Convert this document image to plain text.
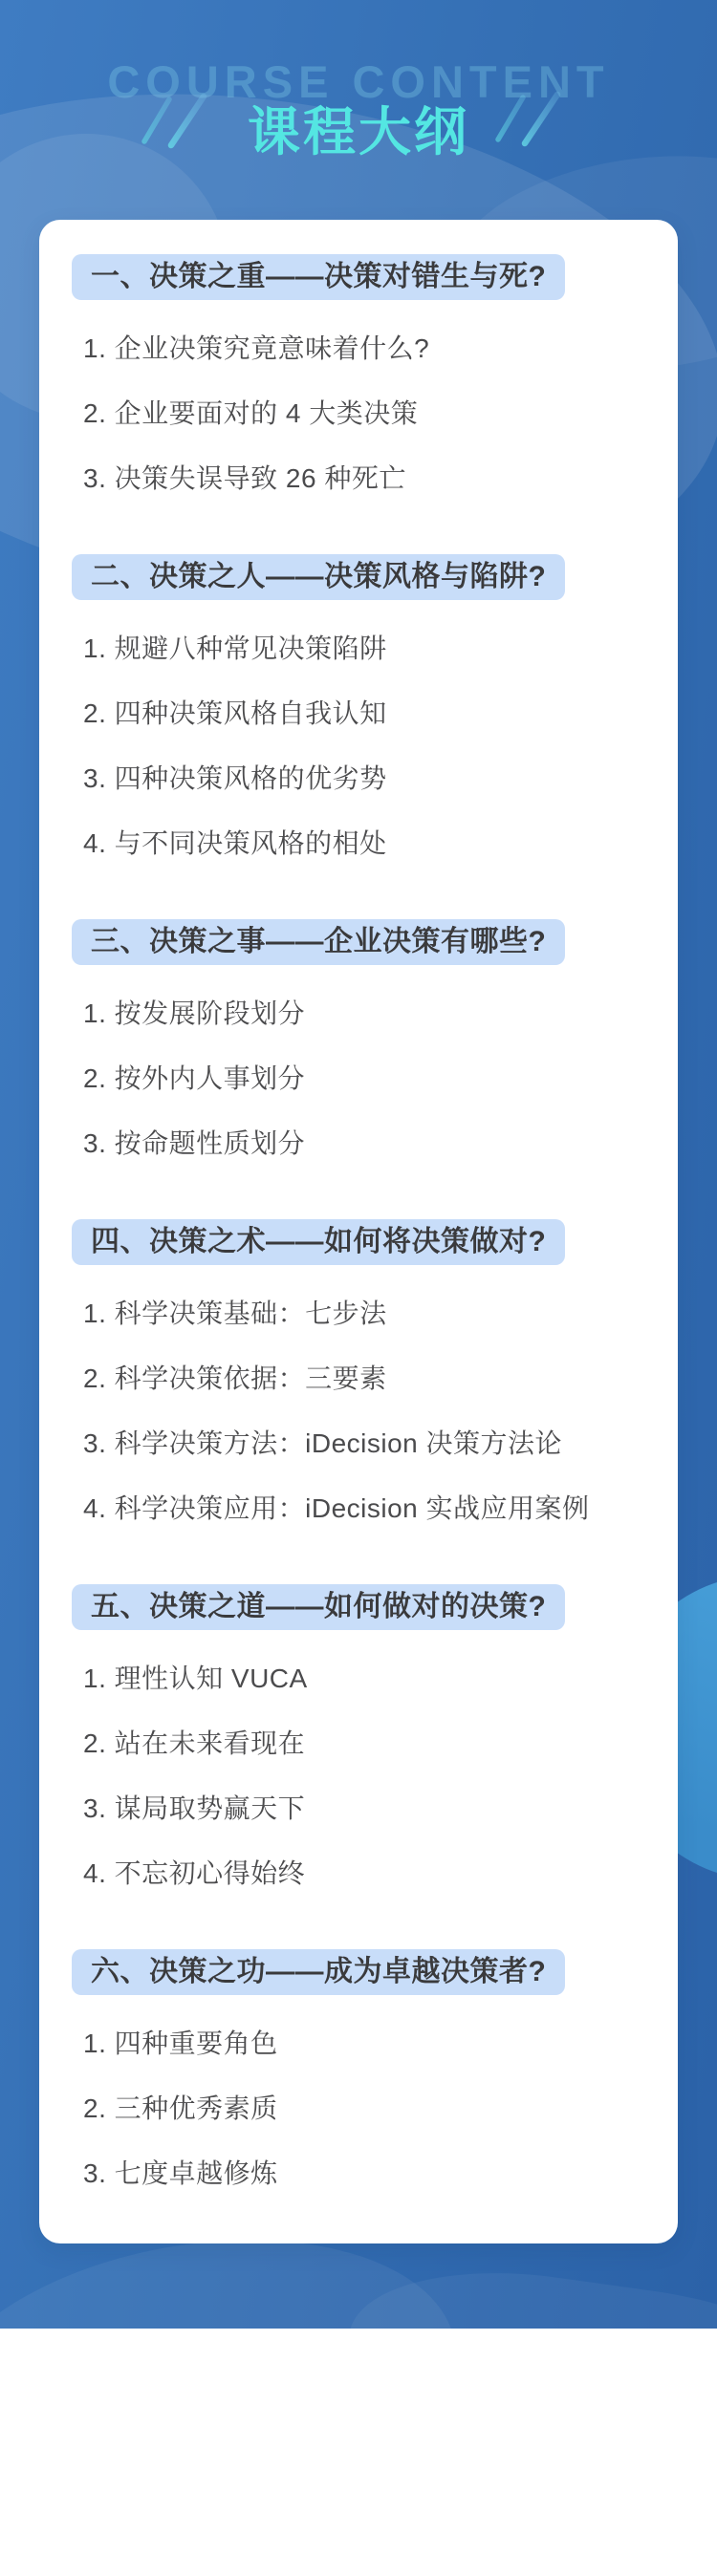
COURSE CONTENT
课程大纲
一、决策之重——决策对错生与死?
1. 企业决策究竟意味着什么?
2. 企业要面对的 4 大类决策
3. 决策失误导致 26 种死亡
二、决策之人——决策风格与陷阱?
1. 规避八种常见决策陷阱
2. 四种决策风格自我认知
3. 四种决策风格的优劣势
4. 与不同决策风格的相处
三、决策之事——企业决策有哪些?
1. 按发展阶段划分
2. 按外内人事划分
3. 按命题性质划分
四、决策之术——如何将决策做对?
1. 科学决策基础：七步法
2. 科学决策依据：三要素
3. 科学决策方法：iDecision 决策方法论
4. 科学决策应用：iDecision 实战应用案例
五、决策之道——如何做对的决策?
1. 理性认知 VUCA
2. 站在未来看现在
3. 谋局取势赢天下
4. 不忘初心得始终
六、决策之功——成为卓越决策者?
1. 四种重要角色
2. 三种优秀素质
3. 七度卓越修炼
